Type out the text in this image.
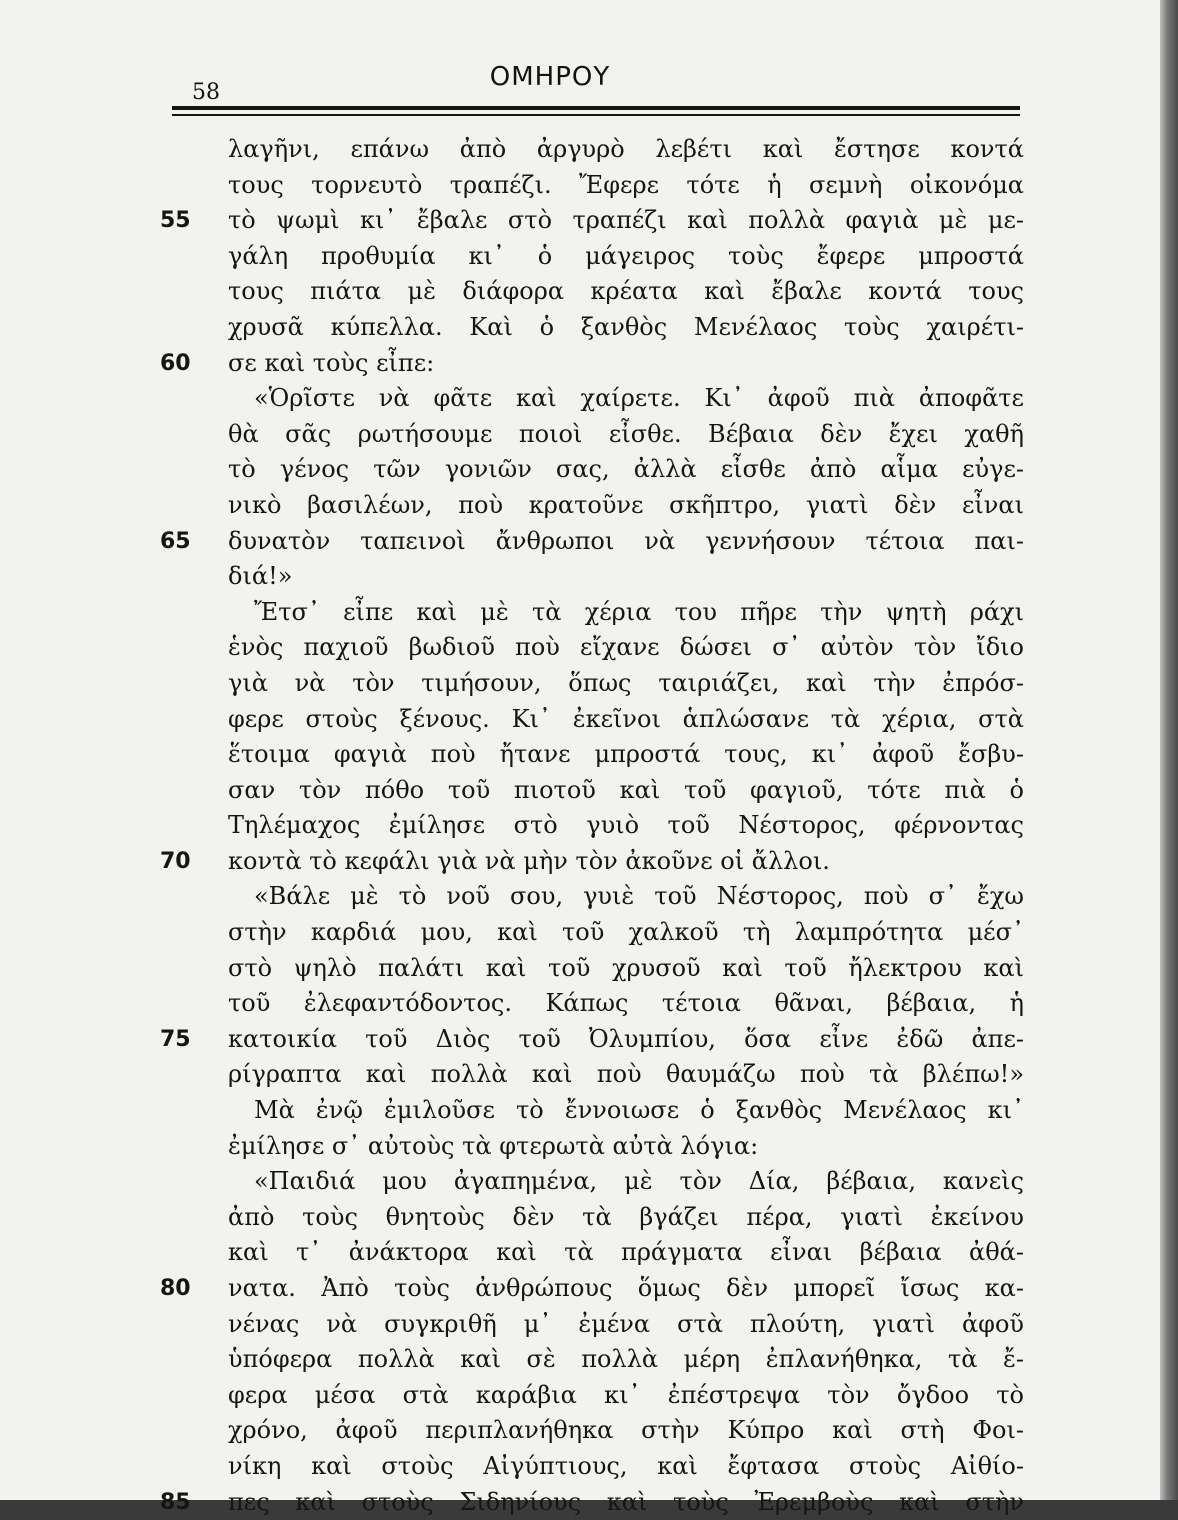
58
ΟΜΗΡΟΥ
λαγῆνι, επάνω ἀπὸ ἀργυρὸ λεβέτι καὶ ἔστησε κοντά
τους τορνευτὸ τραπέζι. Ἔφερε τότε ἡ σεμνὴ οἰκονόμα
55	τὸ ψωμὶ κι᾽ ἔβαλε στὸ τραπέζι καὶ πολλὰ φαγιὰ μὲ με-
γάλη προθυμία κι᾽ ὁ μάγειρος τοὺς ἔφερε μπροστά
τους πιάτα μὲ διάφορα κρέατα καὶ ἔβαλε κοντά τους
χρυσᾶ κύπελλα. Καὶ ὁ ξανθὸς Μενέλαος τοὺς χαιρέτι-
60	σε καὶ τοὺς εἶπε:
«Ὁρῖστε νὰ φᾶτε καὶ χαίρετε. Κι᾽ ἀφοῦ πιὰ ἀποφᾶτε
θὰ σᾶς ρωτήσουμε ποιοὶ εἶσθε. Βέβαια δὲν ἔχει χαθῆ
τὸ γένος τῶν γονιῶν σας, ἀλλὰ εἶσθε ἀπὸ αἷμα εὐγε-
νικὸ βασιλέων, ποὺ κρατοῦνε σκῆπτρο, γιατὶ δὲν εἶναι
65	δυνατὸν ταπεινοὶ ἄνθρωποι νὰ γεννήσουν τέτοια παι-
διά!»
Ἔτσ᾽ εἶπε καὶ μὲ τὰ χέρια του πῆρε τὴν ψητὴ ράχι
ἑνὸς παχιοῦ βωδιοῦ ποὺ εἴχανε δώσει σ᾽ αὐτὸν τὸν ἴδιο
γιὰ νὰ τὸν τιμήσουν, ὅπως ταιριάζει, καὶ τὴν ἐπρόσ-
φερε στοὺς ξένους. Κι᾽ ἐκεῖνοι ἁπλώσανε τὰ χέρια, στὰ
ἕτοιμα φαγιὰ ποὺ ἤτανε μπροστά τους, κι᾽ ἀφοῦ ἔσβυ-
σαν τὸν πόθο τοῦ πιοτοῦ καὶ τοῦ φαγιοῦ, τότε πιὰ ὁ
Τηλέμαχος ἐμίλησε στὸ γυιὸ τοῦ Νέστορος, φέρνοντας
70	κοντὰ τὸ κεφάλι γιὰ νὰ μὴν τὸν ἀκοῦνε οἱ ἄλλοι.
«Βάλε μὲ τὸ νοῦ σου, γυιὲ τοῦ Νέστορος, ποὺ σ᾽ ἔχω
στὴν καρδιά μου, καὶ τοῦ χαλκοῦ τὴ λαμπρότητα μέσ᾽
στὸ ψηλὸ παλάτι καὶ τοῦ χρυσοῦ καὶ τοῦ ἤλεκτρου καὶ
τοῦ ἐλεφαντόδοντος. Κάπως τέτοια θᾶναι, βέβαια, ἡ
75	κατοικία τοῦ Διὸς τοῦ Ὀλυμπίου, ὅσα εἶνε ἐδῶ ἀπε-
ρίγραπτα καὶ πολλὰ καὶ ποὺ θαυμάζω ποὺ τὰ βλέπω!»
Μὰ ἐνῷ ἐμιλοῦσε τὸ ἔννοιωσε ὁ ξανθὸς Μενέλαος κι᾽
ἐμίλησε σ᾽ αὐτοὺς τὰ φτερωτὰ αὐτὰ λόγια:
«Παιδιά μου ἀγαπημένα, μὲ τὸν Δία, βέβαια, κανεὶς
ἀπὸ τοὺς θνητοὺς δὲν τὰ βγάζει πέρα, γιατὶ ἐκείνου
καὶ τ᾽ ἀνάκτορα καὶ τὰ πράγματα εἶναι βέβαια ἀθά-
80	νατα. Ἀπὸ τοὺς ἀνθρώπους ὅμως δὲν μπορεῖ ἴσως κα-
νένας νὰ συγκριθῆ μ᾽ ἐμένα στὰ πλούτη, γιατὶ ἀφοῦ
ὑπόφερα πολλὰ καὶ σὲ πολλὰ μέρη ἐπλανήθηκα, τὰ ἔ-
φερα μέσα στὰ καράβια κι᾽ ἐπέστρεψα τὸν ὄγδοο τὸ
χρόνο, ἀφοῦ περιπλανήθηκα στὴν Κύπρο καὶ στὴ Φοι-
νίκη καὶ στοὺς Αἰγύπτιους, καὶ ἔφτασα στοὺς Αἰθίο-
85	πες καὶ στοὺς Σιδηνίους καὶ τοὺς Ἐρεμβοὺς καὶ στὴν
